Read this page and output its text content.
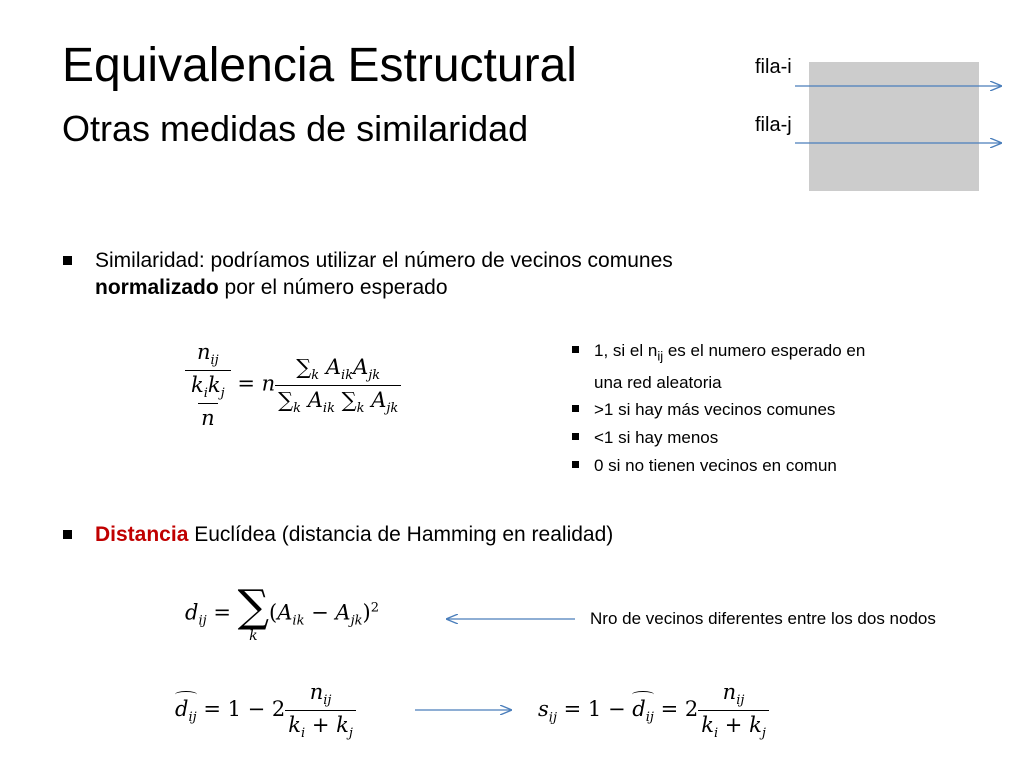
Equivalencia Estructural
Otras medidas de similaridad
fila-i
fila-j
Similaridad: podríamos utilizar el número de vecinos comunes normalizado por el número esperado
$\frac{n_{ij}}{\frac{k_ik_j}{n}} = n \frac{\sum_k A_{ik}A_{jk}}{\sum_k A_{ik} \sum_k A_{jk}}$
1, si el $n_{ij}$ es el numero esperado en
una red aleatoria
>1 si hay más vecinos comunes
<1 si hay menos
0 si no tienen vecinos en comun
Distancia Euclídea (distancia de Hamming en realidad)
$d_{ij}$ = ∑
k
$(A_{ik} - A_{jk})^2$
Nro de vecinos diferentes entre los dos nodos
$d_{ij} = 1 - 2 \frac{n_{ij}}{k_i + k_j}$	$s_{ij} = 1 - d_{ij} = 2 \frac{n_{ij}}{k_i + k_j}$
